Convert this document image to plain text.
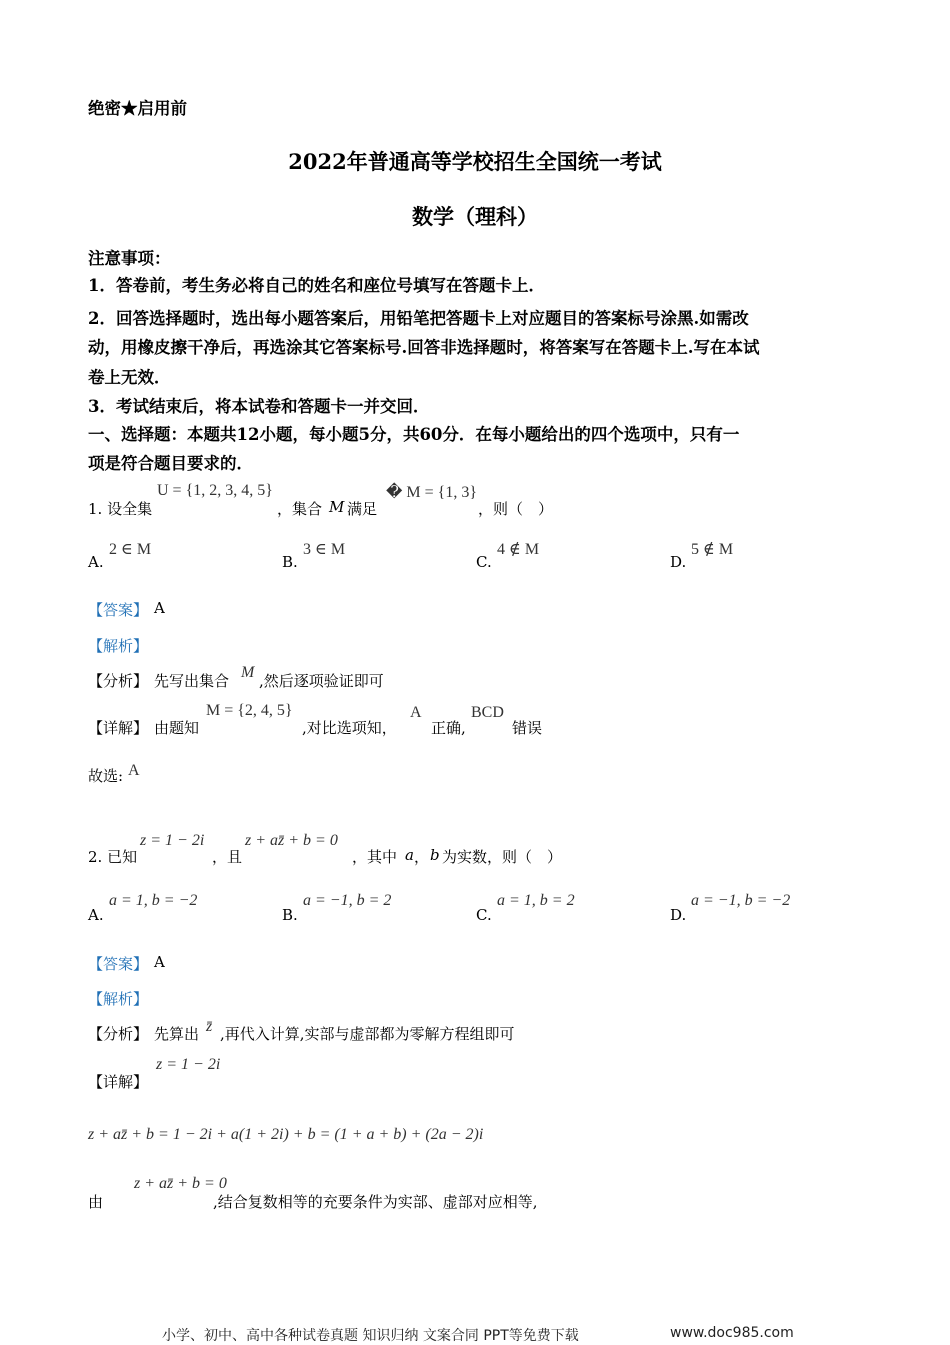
绝密★启用前
2022年普通高等学校招生全国统一考试
数学（理科）
注意事项：
1．答卷前，考生务必将自己的姓名和座位号填写在答题卡上．
2．回答选择题时，选出每小题答案后，用铅笔把答题卡上对应题目的答案标号涂黑.如需改
动，用橡皮擦干净后，再选涂其它答案标号.回答非选择题时，将答案写在答题卡上.写在本试
卷上无效．
3．考试结束后，将本试卷和答题卡一并交回．
一、选择题：本题共12小题，每小题5分，共60分．在每小题给出的四个选项中，只有一
项是符合题目要求的．
1. 设全集
U = {1, 2, 3, 4, 5}
，集合 M 满足
� M = {1, 3}
，则（　）
A.
2 ∈ M
B.
3 ∈ M
C.
4 ∉ M
D.
5 ∉ M
【答案】 A
【解析】
【分析】 先写出集合 M ,然后逐项验证即可
【详解】 由题知
M = {2, 4, 5}
,对比选项知，
A
正确,
BCD
错误
故选: A
2. 已知
z = 1 − 2i
，且
z + az̄ + b = 0
，其中 a ， b 为实数，则（　）
A.
a = 1, b = −2
B.
a = −1, b = 2
C.
a = 1, b = 2
D.
a = −1, b = −2
【答案】 A
【解析】
【分析】 先算出 z̄ ,再代入计算,实部与虚部都为零解方程组即可
【详解】
z = 1 − 2i
z + az̄ + b = 1 − 2i + a(1 + 2i) + b = (1 + a + b) + (2a − 2)i
由
z + az̄ + b = 0
,结合复数相等的充要条件为实部、虚部对应相等,
小学、初中、高中各种试卷真题 知识归纳 文案合同 PPT等免费下载	www.doc985.com
